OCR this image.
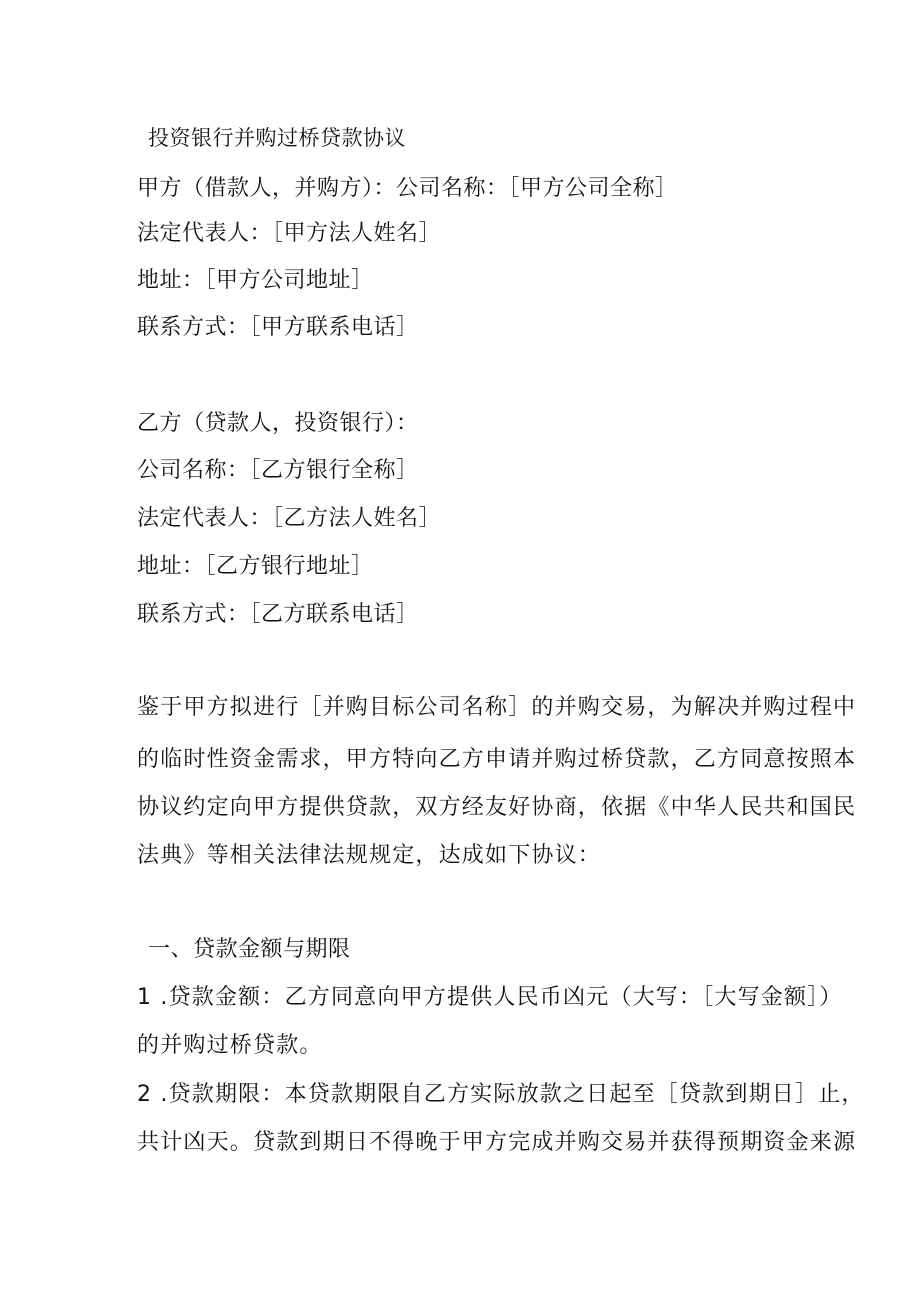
投资银行并购过桥贷款协议
甲方（借款人，并购方）：公司名称：［甲方公司全称］
法定代表人：［甲方法人姓名］
地址：［甲方公司地址］
联系方式：［甲方联系电话］
乙方（贷款人，投资银行）：
公司名称：［乙方银行全称］
法定代表人：［乙方法人姓名］
地址：［乙方银行地址］
联系方式：［乙方联系电话］
鉴于甲方拟进行［并购目标公司名称］的并购交易，为解决并购过程中
的临时性资金需求，甲方特向乙方申请并购过桥贷款，乙方同意按照本
协议约定向甲方提供贷款，双方经友好协商，依据《中华人民共和国民
法典》等相关法律法规规定，达成如下协议：
一、贷款金额与期限
1 .贷款金额：乙方同意向甲方提供人民币凶元（大写：［大写金额］）
的并购过桥贷款。
2 .贷款期限：本贷款期限自乙方实际放款之日起至［贷款到期日］止，
共计凶天。贷款到期日不得晚于甲方完成并购交易并获得预期资金来源
